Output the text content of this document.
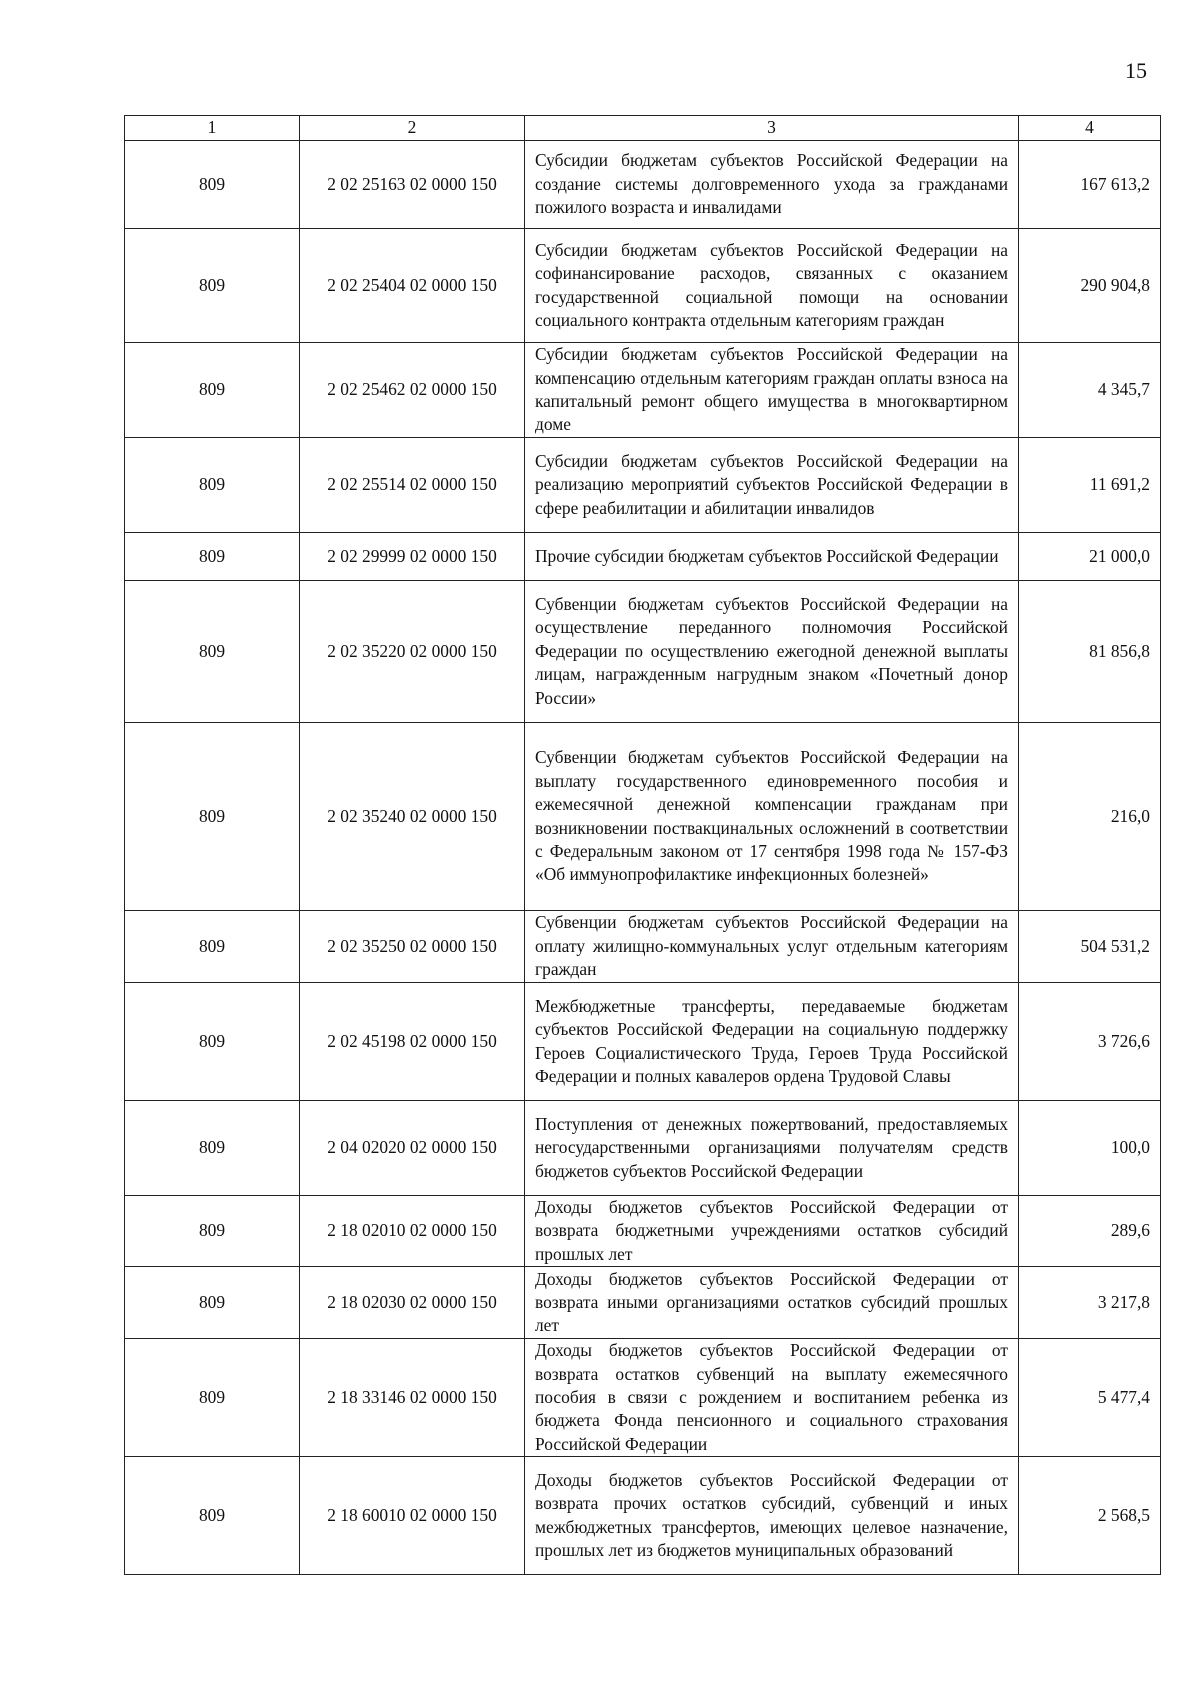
15
1	2	3	4
809	2 02 25163 02 0000 150	Субсидии бюджетам субъектов Российской Федерации на создание системы долговременного ухода за гражданами пожилого возраста и инвалидами	167 613,2
809	2 02 25404 02 0000 150	Субсидии бюджетам субъектов Российской Федерации на софинансирование расходов, связанных с оказанием государственной социальной помощи на основании социального контракта отдельным категориям граждан	290 904,8
809	2 02 25462 02 0000 150	Субсидии бюджетам субъектов Российской Федерации на компенсацию отдельным категориям граждан оплаты взноса на капитальный ремонт общего имущества в многоквартирном доме	4 345,7
809	2 02 25514 02 0000 150	Субсидии бюджетам субъектов Российской Федерации на реализацию мероприятий субъектов Российской Федерации в сфере реабилитации и абилитации инвалидов	11 691,2
809	2 02 29999 02 0000 150	Прочие субсидии бюджетам субъектов Российской Федерации	21 000,0
809	2 02 35220 02 0000 150	Субвенции бюджетам субъектов Российской Федерации на осуществление переданного полномочия Российской Федерации по осуществлению ежегодной денежной выплаты лицам, награжденным нагрудным знаком «Почетный донор России»	81 856,8
809	2 02 35240 02 0000 150	Субвенции бюджетам субъектов Российской Федерации на выплату государственного единовременного пособия и ежемесячной денежной компенсации гражданам при возникновении поствакцинальных осложнений в соответствии с Федеральным законом от 17 сентября 1998 года № 157-ФЗ «Об иммунопрофилактике инфекционных болезней»	216,0
809	2 02 35250 02 0000 150	Субвенции бюджетам субъектов Российской Федерации на оплату жилищно-коммунальных услуг отдельным категориям граждан	504 531,2
809	2 02 45198 02 0000 150	Межбюджетные трансферты, передаваемые бюджетам субъектов Российской Федерации на социальную поддержку Героев Социалистического Труда, Героев Труда Российской Федерации и полных кавалеров ордена Трудовой Славы	3 726,6
809	2 04 02020 02 0000 150	Поступления от денежных пожертвований, предоставляемых негосударственными организациями получателям средств бюджетов субъектов Российской Федерации	100,0
809	2 18 02010 02 0000 150	Доходы бюджетов субъектов Российской Федерации от возврата бюджетными учреждениями остатков субсидий прошлых лет	289,6
809	2 18 02030 02 0000 150	Доходы бюджетов субъектов Российской Федерации от возврата иными организациями остатков субсидий прошлых лет	3 217,8
809	2 18 33146 02 0000 150	Доходы бюджетов субъектов Российской Федерации от возврата остатков субвенций на выплату ежемесячного пособия в связи с рождением и воспитанием ребенка из бюджета Фонда пенсионного и социального страхования Российской Федерации	5 477,4
809	2 18 60010 02 0000 150	Доходы бюджетов субъектов Российской Федерации от возврата прочих остатков субсидий, субвенций и иных межбюджетных трансфертов, имеющих целевое назначение, прошлых лет из бюджетов муниципальных образований	2 568,5
